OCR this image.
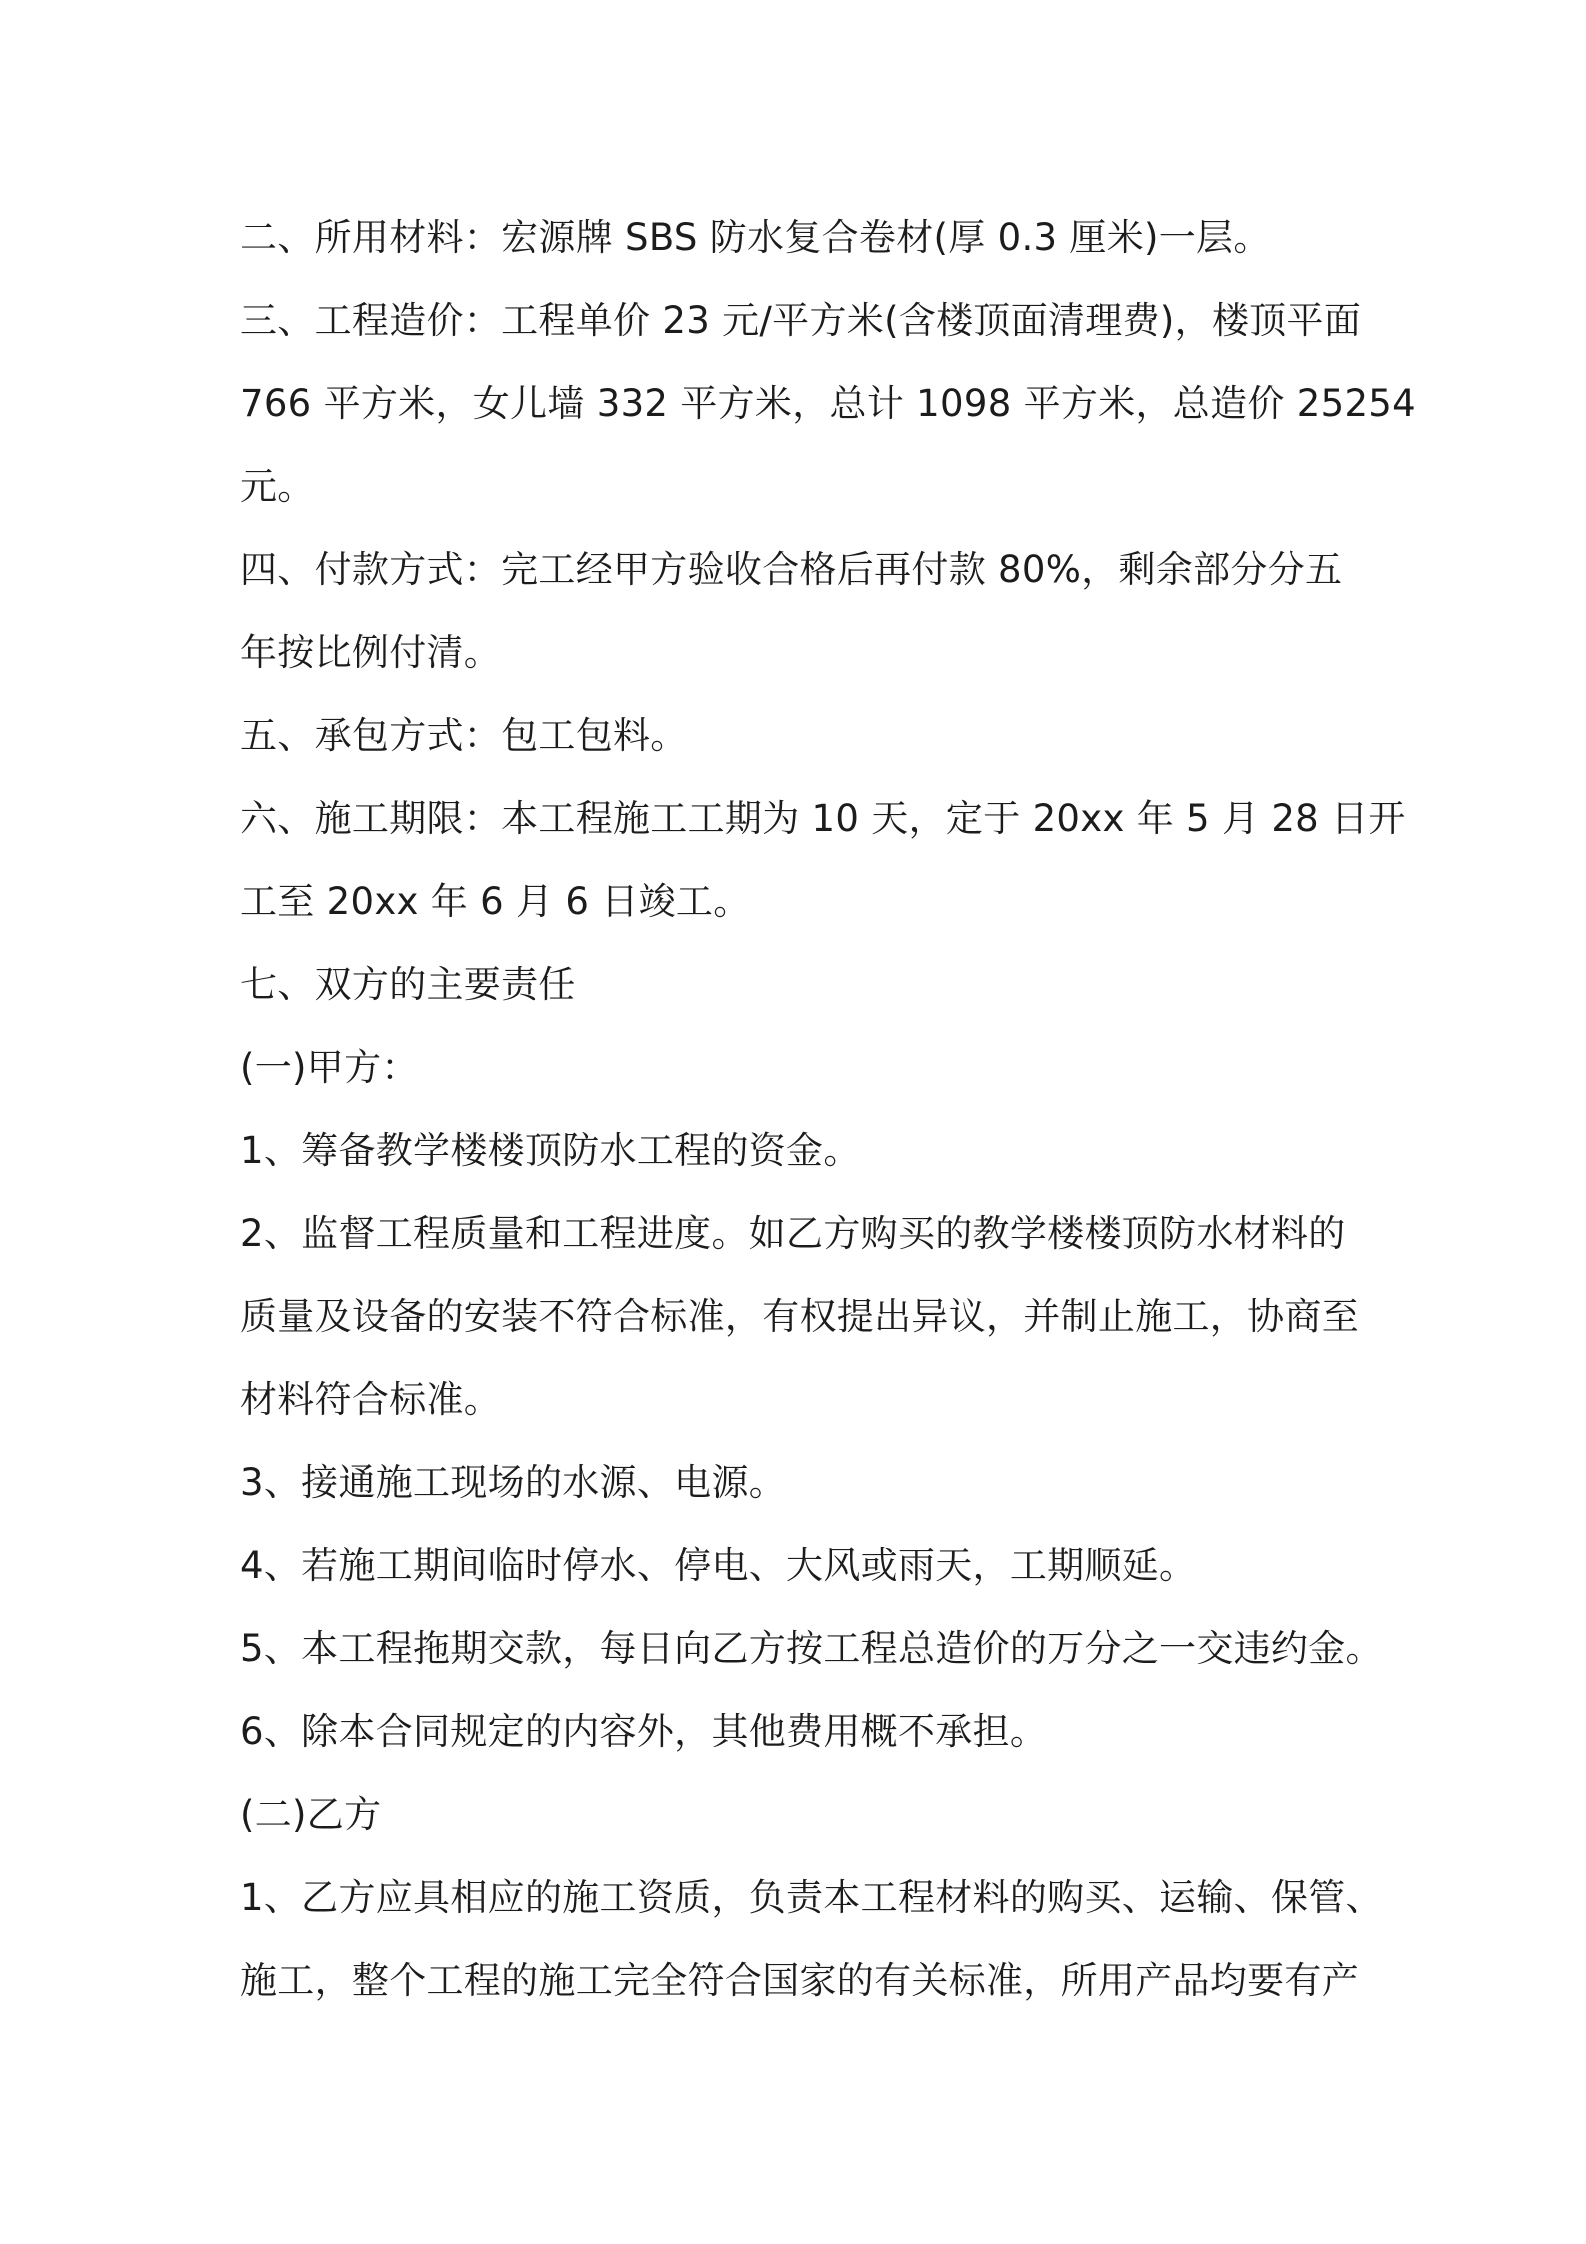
二、所用材料：宏源牌 SBS 防水复合卷材(厚 0.3 厘米)一层。
三、工程造价：工程单价 23 元/平方米(含楼顶面清理费)，楼顶平面
766 平方米，女儿墙 332 平方米，总计 1098 平方米，总造价 25254
元。
四、付款方式：完工经甲方验收合格后再付款 80%，剩余部分分五
年按比例付清。
五、承包方式：包工包料。
六、施工期限：本工程施工工期为 10 天，定于 20xx 年 5 月 28 日开
工至 20xx 年 6 月 6 日竣工。
七、双方的主要责任
(一)甲方：
1、筹备教学楼楼顶防水工程的资金。
2、监督工程质量和工程进度。如乙方购买的教学楼楼顶防水材料的
质量及设备的安装不符合标准，有权提出异议，并制止施工，协商至
材料符合标准。
3、接通施工现场的水源、电源。
4、若施工期间临时停水、停电、大风或雨天，工期顺延。
5、本工程拖期交款，每日向乙方按工程总造价的万分之一交违约金。
6、除本合同规定的内容外，其他费用概不承担。
(二)乙方
1、乙方应具相应的施工资质，负责本工程材料的购买、运输、保管、
施工，整个工程的施工完全符合国家的有关标准，所用产品均要有产
